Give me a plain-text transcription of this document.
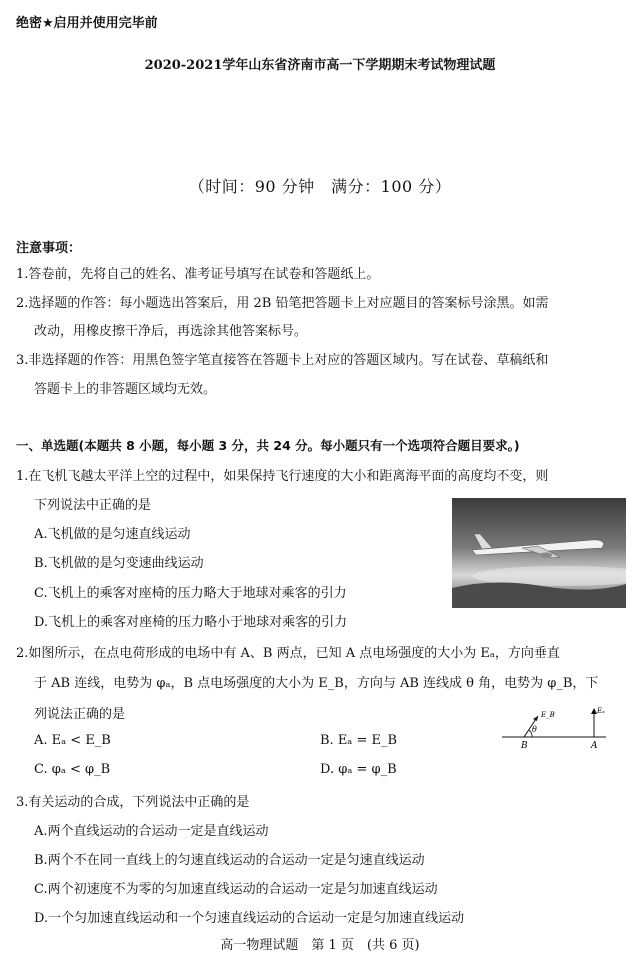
绝密★启用并使用完毕前
2020-2021学年山东省济南市高一下学期期末考试物理试题
（时间：90 分钟　满分：100 分）
注意事项：
1.答卷前，先将自己的姓名、准考证号填写在试卷和答题纸上。
2.选择题的作答：每小题选出答案后，用 2B 铅笔把答题卡上对应题目的答案标号涂黑。如需
改动，用橡皮擦干净后，再选涂其他答案标号。
3.非选择题的作答：用黑色签字笔直接答在答题卡上对应的答题区域内。写在试卷、草稿纸和
答题卡上的非答题区域均无效。
一、单选题(本题共 8 小题，每小题 3 分，共 24 分。每小题只有一个选项符合题目要求。)
1.在飞机飞越太平洋上空的过程中，如果保持飞行速度的大小和距离海平面的高度均不变，则
下列说法中正确的是
A.飞机做的是匀速直线运动
B.飞机做的是匀变速曲线运动
C.飞机上的乘客对座椅的压力略大于地球对乘客的引力
D.飞机上的乘客对座椅的压力略小于地球对乘客的引力
2.如图所示，在点电荷形成的电场中有 A、B 两点，已知 A 点电场强度的大小为 Eₐ，方向垂直
于 AB 连线，电势为 φₐ，B 点电场强度的大小为 E_B，方向与 AB 连线成 θ 角，电势为 φ_B，下
列说法正确的是
A. Eₐ < E_B	B. Eₐ = E_B
C. φₐ < φ_B	D. φₐ = φ_B
E_B	Eₐ
θ
B	A
3.有关运动的合成，下列说法中正确的是
A.两个直线运动的合运动一定是直线运动
B.两个不在同一直线上的匀速直线运动的合运动一定是匀速直线运动
C.两个初速度不为零的匀加速直线运动的合运动一定是匀加速直线运动
D.一个匀加速直线运动和一个匀速直线运动的合运动一定是匀加速直线运动
高一物理试题　第 1 页　(共 6 页)
